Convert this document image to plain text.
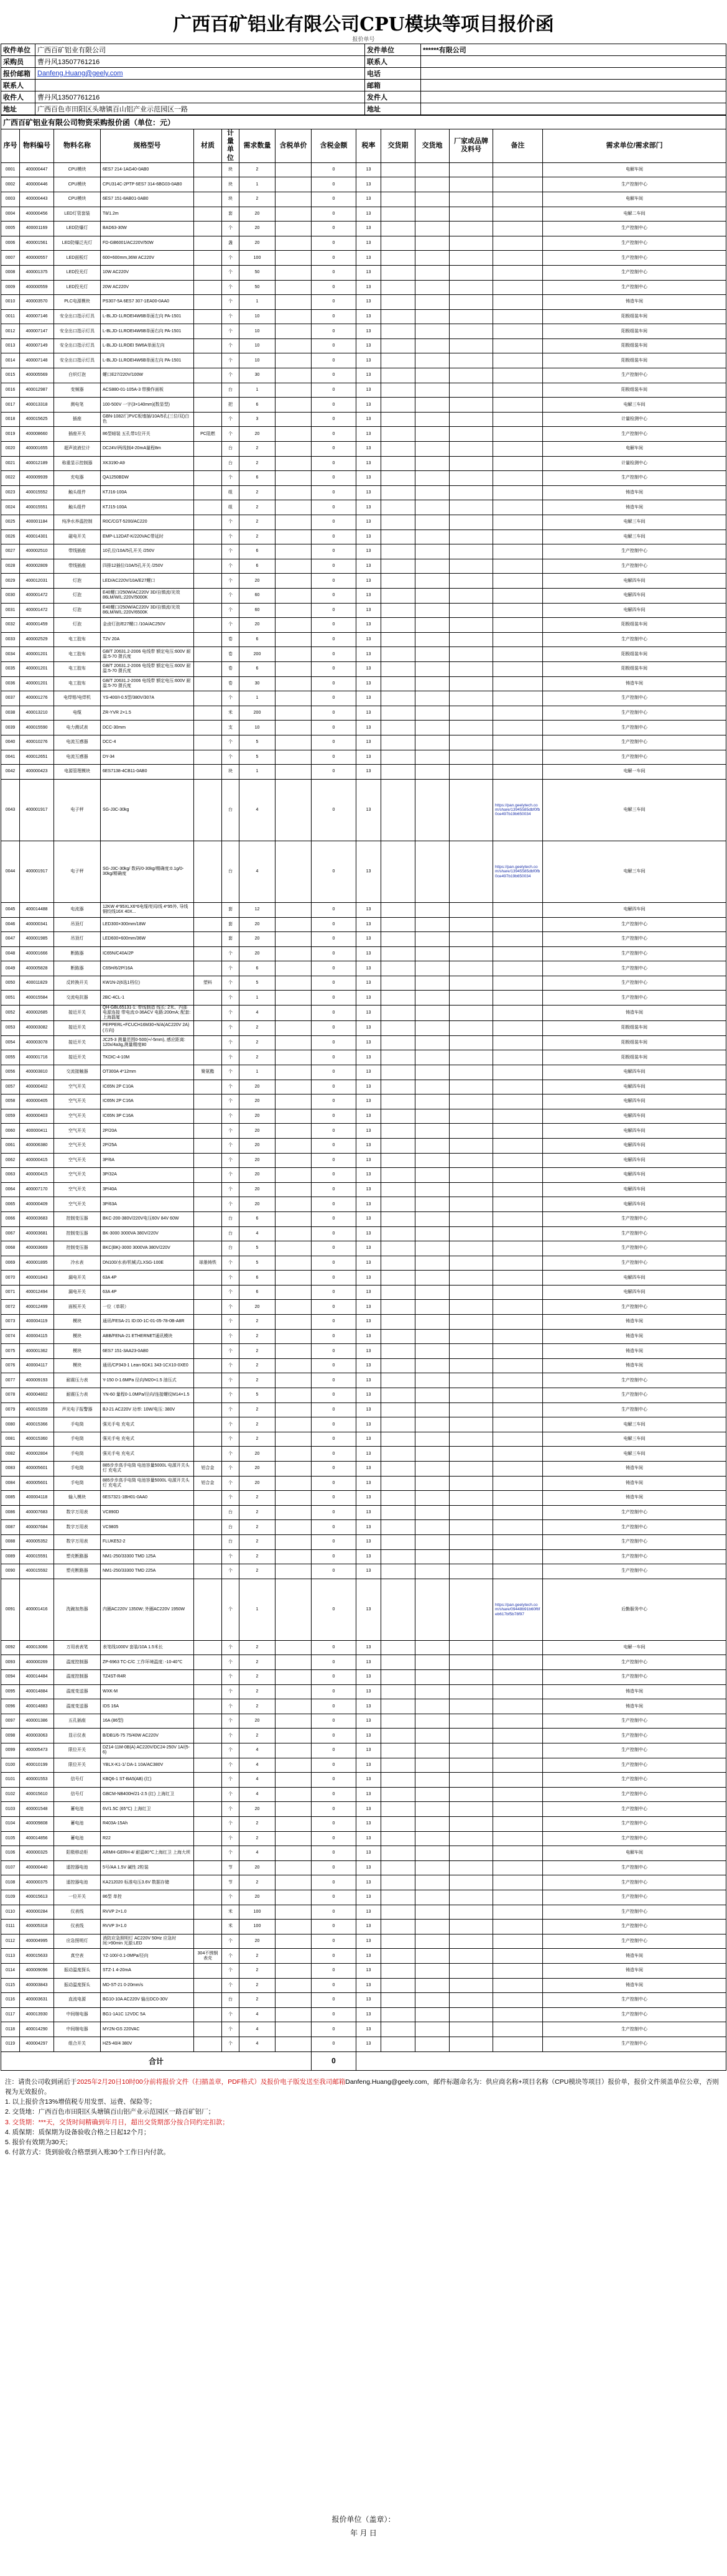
广西百矿铝业有限公司CPU模块等项目报价函
报价单号
收件单位	广西百矿铝业有限公司	发件单位	******有限公司
采购员	曹丹风13507761216	联系人	
报价邮箱	Danfeng.Huang@geely.com	电话	
联系人		邮箱	
收件人	曹丹风13507761216	发件人	
地址	广西百色市田阳区头塘镇百山铝产业示范园区一路	地址	
广西百矿铝业有限公司物资采购报价函（单位：元）														
序号	物料编号	物料名称	规格型号	材质	计量单位	需求数量	含税单价	含税金额	税率	交货期	交货地	厂家或品牌及料号	备注	需求单位/需求部门
0001	400000447	CPU模块	6ES7 214-1AG40-0AB0		块	2		0	13					电解车间
0002	400000446	CPU模块	CPU314C-2PTP 6ES7 314-6BG03-0AB0		块	1		0	13					生产控制中心
0003	400000443	CPU模块	6ES7 151-8AB01-0AB0		块	2		0	13					电解车间
0004	400000456	LED灯管套装	T8/1.2m		套	20		0	13					电解二车间
0005	400001169	LED防爆灯	BAD63-30W		个	20		0	13					生产控制中心
0006	400001561	LED防爆泛光灯	FD-GB6001/AC220V/50W		盏	20		0	13					生产控制中心
0007	400000557	LED面板灯	600×600mm,36W AC220V		个	100		0	13					生产控制中心
0008	400001375	LED投光灯	10W AC220V		个	50		0	13					生产控制中心
0009	400000559	LED投光灯	20W AC220V		个	50		0	13					生产控制中心
0010	400003570	PLC电源模块	PS307-5A 6ES7 307-1EA00-0AA0		个	1		0	13					铸造车间
0011	400007146	安全出口指示灯具	L-BLJD-1LROEI4W6B单面左向 PA-1501		个	10		0	13					阳极组装车间
0012	400007147	安全出口指示灯具	L-BLJD-1LROEI4W6B单面右向 PA-1501		个	10		0	13					阳极组装车间
0013	400007149	安全出口指示灯具	L-BLJD-1LROEI 5W6A单面左向		个	10		0	13					阳极组装车间
0014	400007148	安全出口指示灯具	L-BLJD-1LROEI4W6B单面左向 PA-1501		个	10		0	13					阳极组装车间
0015	400005569	白炽灯泡	螺口E27/220V/100W		个	30		0	13					生产控制中心
0016	400012987	变频器	ACS880-01-105A-3 带操作面板		台	1		0	13					阳极组装车间
0017	400013318	测电笔	100-500V 一字(3×140mm)(数显型)		把	6		0	13					电解三车间
0018	400015625	插座	GBN-1082/门PVC板墙插/10A/5孔(三位/双)白色		个	3		0	13					计量检测中心
0019	400008660	插座开关	86型暗装 五孔带1位开关	PC阻燃	个	20		0	13					生产控制中心
0020	400001655	超声波液位计	DC24V/两线制4-20mA量程8m		台	2		0	13					电解车间
0021	400012189	称重显示控制器	XK3190-A9		台	2		0	13					计量检测中心
0022	400009939	充电器	QA1250BDW		个	6		0	13					生产控制中心
0023	400015552	触头组件	KTJ16-100A		组	2		0	13					铸造车间
0024	400015551	触头组件	KTJ15-100A		组	2		0	13					铸造车间
0025	400001184	纯净水养温控制	R0C/CGT-5200/AC220		个	2		0	13					电解三车间
0026	400014301	磁电开关	EMP-L12DAT-K/220VAC带延时		个	2		0	13					电解三车间
0027	400002510	带线插座	10孔位/10A/5孔开关 /250V		个	6		0	13					生产控制中心
0028	400002809	带线插座	四排12插位/10A/5孔开关 /250V		个	6		0	13					生产控制中心
0029	400012031	灯泡	LED/AC220V/10A/E27螺口		个	20		0	13					电解四车间
0030	400001472	灯泡	E40螺口/250W/AC220V 3D/自镇流/光效86LM/W/L:220V/5000K		个	60		0	13					电解四车间
0031	400001472	灯泡	E40螺口/250W/AC220V 3D/自镇流/光效86LM/W/L:220V/6500K		个	60		0	13					电解四车间
0032	400001459	灯泡	金卤灯泡/E27螺口 /10A/AC250V		个	20		0	13					阳极组装车间
0033	400002529	电工胶布	T2V 20A		卷	6		0	13					生产控制中心
0034	400001201	电工胶布	GB/T 20631.2-2006 电线带 额定电压:600V 耐温:5-70 摄氏度		卷	200		0	13					阳极组装车间
0035	400001201	电工胶布	GB/T 20631.2-2006 电线带 额定电压:600V 耐温:5-70 摄氏度		卷	6		0	13					阳极组装车间
0036	400001201	电工胶布	GB/T 20631.2-2006 电线带 额定电压:600V 耐温:5-70 摄氏度		卷	30		0	13					铸造车间
0037	400001276	电焊钳/电焊机	YS-400/Ⅰ-0.5型/380V/307A		个	1		0	13					生产控制中心
0038	400013210	电缆	ZR-YVR 2×1.5		米	200		0	13					生产控制中心
0039	400015590	电力测试表	DCC-30mm		支	10		0	13					生产控制中心
0040	400010276	电流互感器	DCC-4		个	5		0	13					生产控制中心
0041	400012651	电流互感器	DY-34		个	5		0	13					生产控制中心
0042	400000423	电源管理模块	6ES7138-4CB11-0AB0		块	1		0	13					电解一车间
0043	400001917	电子秤	SG-J3C-30kg		台	4		0	13				https://pan.geelytech.com/share/13945585dbf0fb0ce497b19b650034	电解三车间
0044	400001917	电子秤	SG-J3C-30kg/ 数码/0-30kg/精确度:0.1g/0-30kg/精确度		台	4		0	13				https://pan.geelytech.com/share/13945585dbf0fb0ce497b19b650034	电解三车间
0045	400014488	电流器	12KW 4*95XLX6*6电缆/铝母线 4*95外, 导线 铜绞线16X 40X...		套	12		0	13					电解四车间
0046	400000341	吊顶灯	LED300×300mm/18W		套	20		0	13					生产控制中心
0047	400001985	吊顶灯	LED600×600mm/36W		套	20		0	13					生产控制中心
0048	400001666	断路器	IC65N/C40A/2P		个	20		0	13					生产控制中心
0049	400005828	断路器	C65H/6/2P/16A		个	6		0	13					生产控制中心
0050	400011829	反转换开关	KW1N-2(6选1档位)	塑料	个	5		0	13					生产控制中心
0051	400015584	交流电抗器	2BC-4CL-1		个	1		0	13					生产控制中心
0052	400002685	接近开关	QH-GBL65131-1: 带线制造 线长: 2米、内部电源连接 带电流:0-36ACV 电路:200mA; 配套:上海磊厦		个	4		0	13					铸造车间
0053	400003082	接近开关	PEPPERL+FCUCH16M30+N/A(AC220V 2A)(方向)		个	2		0	13					阳极组装车间
0054	400003078	接近开关	JC25-3 测量范围0-500(+/-5mm), 感应距离: 120x/4a3g,测量精度80		个	2		0	13					阳极组装车间
0055	400001716	接近开关	TKDIC-4-10M		个	2		0	13					阳极组装车间
0056	400003810	交流接触器	OT300A 4*12mm	聚氨酯	个	1		0	13					电解四车间
0057	400000402	空气开关	IC65N 2P C10A		个	20		0	13					电解四车间
0058	400000405	空气开关	IC65N 2P C16A		个	20		0	13					电解四车间
0059	400000403	空气开关	IC65N 3P C16A		个	20		0	13					电解四车间
0060	400000411	空气开关	2P/20A		个	20		0	13					电解四车间
0061	400006380	空气开关	2P/25A		个	20		0	13					电解四车间
0062	400000415	空气开关	3P/6A		个	20		0	13					电解四车间
0063	400000415	空气开关	3P/32A		个	20		0	13					电解四车间
0064	400007170	空气开关	3P/40A		个	20		0	13					电解四车间
0065	400000409	空气开关	3P/63A		个	20		0	13					电解四车间
0066	400003683	控制变压器	BKC-200-380V/220V电压60V 84V 60W		台	6		0	13					生产控制中心
0067	400003681	控制变压器	BK-3000 3000VA 380V/220V		台	4		0	13					生产控制中心
0068	400003669	控制变压器	BKC(BK)-3000 3000VA 380V/220V		台	5		0	13					生产控制中心
0069	400001895	冷水表	DN100/水表/机械式LXSG-100E	球墨铸铁	个	5		0	13					生产控制中心
0070	400001843	漏电开关	63A 4P		个	6		0	13					电解四车间
0071	400012494	漏电开关	63A 4P		个	6		0	13					电解四车间
0072	400012499	面板开关	一位（单联）		个	20		0	13					生产控制中心
0073	400004119	模块	通讯/FESA-21 ID:00-1C-01-05-78-0B-A8R		个	2		0	13					铸造车间
0074	400004115	模块	ABB/FENA-21 ETHERNET通讯模块		个	2		0	13					铸造车间
0075	400001362	模块	6ES7 151-3AA23-0AB0		个	2		0	13					铸造车间
0076	400004117	模块	通讯/CP343-1 Lean 6GK1 343-1CX10-0XE0		个	2		0	13					铸造车间
0077	400009193	耐震压力表	Y-150 0-1.6MPa 径向/M20×1.5 油压式		个	2		0	13					生产控制中心
0078	400004802	耐震压力表	YN-60 量程0-1.0MPa/径向/连接螺纹M14×1.5		个	5		0	13					生产控制中心
0079	400015359	声光电子报警器	BJ-21 AC220V 功率: 10W/电压: 380V		个	2		0	13					生产控制中心
0080	400015366	手电筒	强光手电 充电式		个	2		0	13					电解三车间
0081	400015360	手电筒	强光手电 充电式		个	2		0	13					电解三车间
0082	400002804	手电筒	强光手电 充电式		个	20		0	13					电解三车间
0083	400005601	手电筒	885步步高手电筒 电池容量5000L 电源开关头灯 充电式	铝合金	个	20		0	13					铸造车间
0084	400005601	手电筒	885步步高手电筒 电池容量5000L 电源开关头灯 充电式	铝合金	个	20		0	13					铸造车间
0085	400004118	输入模块	6ES7321-1BH01-0AA0		个	2		0	13					铸造车间
0086	400007683	数字万用表	VC890D		台	2		0	13					生产控制中心
0087	400007684	数字万用表	VC9805		台	2		0	13					生产控制中心
0088	400005352	数字万用表	FLUKE52-2		台	2		0	13					生产控制中心
0089	400015591	塑壳断路器	NM1-250/33300 TMD 125A		个	2		0	13					生产控制中心
0090	400015592	塑壳断路器	NM1-250/33300 TMD 225A		个	2		0	13					生产控制中心
0091	400001416	洗碗加热器	内圈AC220V 1350W; 外圈AC220V 1950W		个	1		0	13				https://pan.geelytech.com/share/09448b91b60f6feb617bf5b78f97	后勤服务中心
0092	400013066	万用表表笔	表笔线1000V 套装/10A 1.5米长		个	2		0	13					电解一车间
0093	400000269	温度控制器	ZP-6963 TC-C/C 工作环境温度: -10-40℃		个	2		0	13					生产控制中心
0094	400014484	温度控制器	TZ4ST-R4R		个	2		0	13					生产控制中心
0095	400014884	温度变送器	WXK-M		个	2		0	13					铸造车间
0096	400014883	温度变送器	IDS 16A		个	2		0	13					铸造车间
0097	400001386	五孔插座	16A (86型)		个	20		0	13					生产控制中心
0098	400003063	显示仪表	B/DB1/6-75 75/40W AC220V		个	2		0	13					生产控制中心
0099	400005473	限位开关	DZ14-11M-0B(A) AC220V/DC24-250V 1A/(5-6)		个	4		0	13					生产控制中心
0100	400010199	限位开关	YBLX-K1-1/ DA-1 10A/AC380V		个	4		0	13					生产控制中心
0101	400001553	信号灯	KBQ6-1 ST-BA5(AB) (红)		个	4		0	13					生产控制中心
0102	400015610	信号灯	GBCM-NB400H/21-2.5 (红) 上海红卫		个	4		0	13					生产控制中心
0103	400001548	蓄电池	6V/1.5C (65℃) 上海红卫		个	20		0	13					生产控制中心
0104	400009808	蓄电池	R403A-15Ah		个	2		0	13					生产控制中心
0105	400014856	蓄电池	R22		个	2		0	13					生产控制中心
0106	400000325	阳极移动柜	ARMH-GERH-4/ 耐温80℃上海红卫 上海大坝		个	4		0	13					电解车间
0107	400000440	遥控器电池	5号/AA 1.5V 碱性 2粒装		节	20		0	13					生产控制中心
0108	400000375	遥控器电池	KA212020 标准电压3.6V 数据存储		节	2		0	13					生产控制中心
0109	400015613	一位开关	86型 单控		个	20		0	13					生产控制中心
0110	400000284	仪表线	RVVP 2×1.0		米	100		0	13					生产控制中心
0111	400005318	仪表线	RVVP 3×1.0		米	100		0	13					生产控制中心
0112	400004995	应急照明灯	消防应急照明灯 AC220V 50Hz 应急时间:>90min 光源:LED		个	20		0	13					生产控制中心
0113	400015633	真空表	YZ-100/-0.1-0MPa/径向	304不锈钢表壳	个	2		0	13					铸造车间
0114	400009096	振动温度探头	STZ-1 4-20mA		个	2		0	13					铸造车间
0115	400003843	振动温度探头	MD-ST-21 0-20mm/s		个	2		0	13					铸造车间
0116	400003631	直流电源	BG10-10A AC220V 输出DC0-30V		台	2		0	13					生产控制中心
0117	400013930	中间继电器	BG1-1A1C 12VDC 5A		个	4		0	13					生产控制中心
0118	400014290	中间继电器	MY2N-GS 220VAC		个	4		0	13					生产控制中心
0119	400004297	组合开关	HZ5-40/4 380V		个	4		0	13					生产控制中心
合计								0						
注：请贵公司收到函后于2025年2月20日10时00分前将报价文件（扫描盖章，PDF格式）及报价电子版发送至我司邮箱Danfeng.Huang@geely.com，邮件标题命名为：供应商名称+项目名称（CPU模块等项目）报价单，报价文件须盖单位公章，否则视为无效报价。
1. 以上报价含13%增值税专用发票、运费、保险等；
2. 交货地：广西百色市田阳区头塘镇百山铝产业示范园区一路百矿铝厂；
3. 交货期：***天，交货时间精确到年月日，超出交货期部分按合同约定扣款；
4. 质保期：质保期为设备验收合格之日起12个月；
5. 报价有效期为30天；
6. 付款方式：货到验收合格票到入账30个工作日内付款。
报价单位（盖章）：
年 月 日
